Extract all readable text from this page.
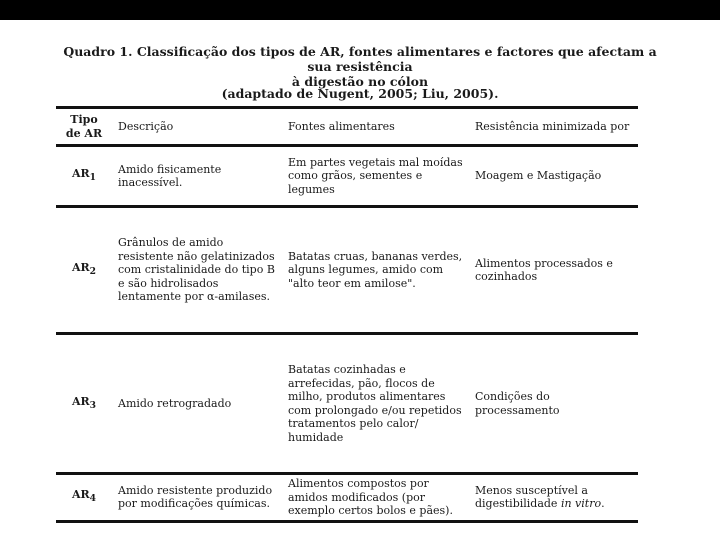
Quadro 1. Classificação dos tipos de AR, fontes alimentares e factores que afectam a sua resistência
à digestão no cólon
(adaptado de Nugent, 2005; Liu, 2005).
Tipo
de AR	Descrição	Fontes alimentares	Resistência minimizada por
$AR_1$	Amido fisicamente inacessível.	Em partes vegetais mal moídas como grãos, sementes e legumes	Moagem e Mastigação
$AR_2$	Grânulos de amido resistente não gelatinizados com cristalinidade do tipo B e são hidrolisados lentamente por α-amilases.	Batatas cruas, bananas verdes, alguns legumes, amido com "alto teor em amilose".	Alimentos processados e cozinhados
$AR_3$	Amido retrogradado	Batatas cozinhadas e arrefecidas, pão, flocos de milho, produtos alimentares com prolongado e/ou repetidos tratamentos pelo calor/ humidade	Condições do processamento
$AR_4$	Amido resistente produzido por modificações químicas.	Alimentos compostos por amidos modificados (por exemplo certos bolos e pães).	Menos susceptível a digestibilidade in vitro.
